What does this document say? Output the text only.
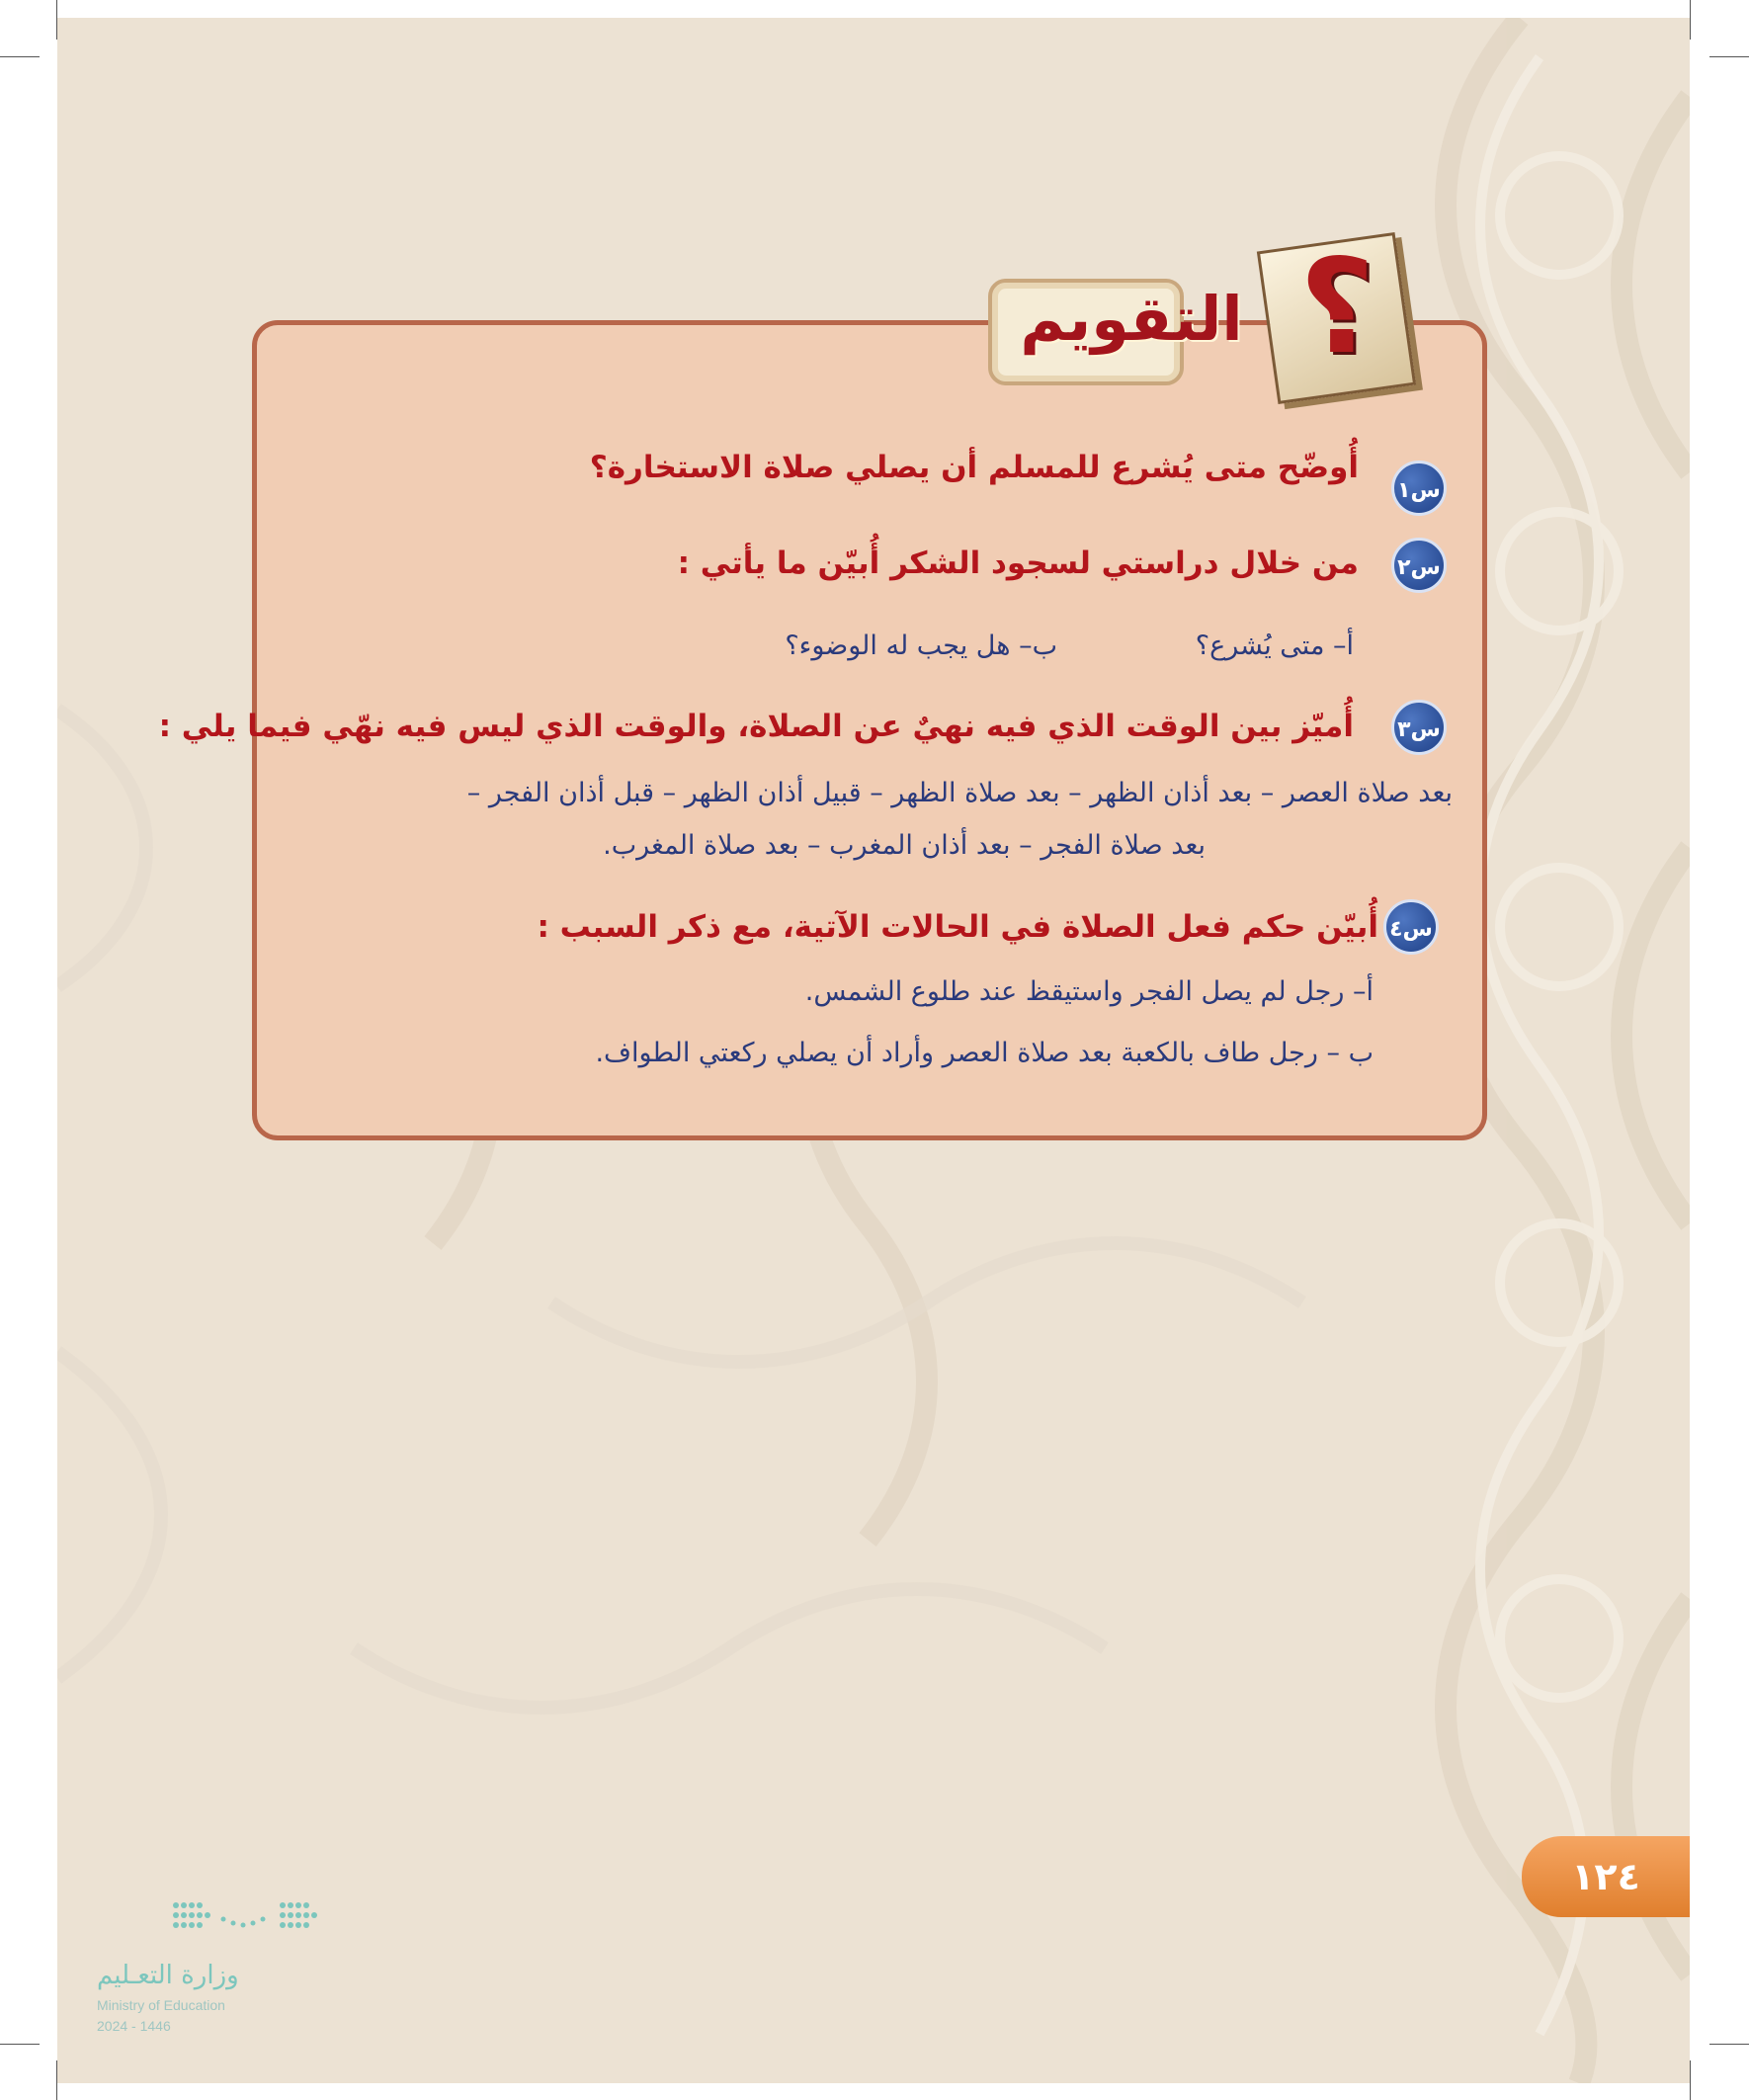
التقويم ؟
س١
أُوضّح متى يُشرع للمسلم أن يصلي صلاة الاستخارة؟
س٢
من خلال دراستي لسجود الشكر أُبيّن ما يأتي :
أ– متى يُشرع؟
ب– هل يجب له الوضوء؟
س٣
أُميّز بين الوقت الذي فيه نهيٌ عن الصلاة، والوقت الذي ليس فيه نهّي فيما يلي :
بعد صلاة العصر – بعد أذان الظهر – بعد صلاة الظهر – قبيل أذان الظهر – قبل أذان الفجر –
بعد صلاة الفجر – بعد أذان المغرب – بعد صلاة المغرب.
س٤
أُبيّن حكم فعل الصلاة في الحالات الآتية، مع ذكر السبب :
أ– رجل لم يصل الفجر واستيقظ عند طلوع الشمس.
ب – رجل طاف بالكعبة بعد صلاة العصر وأراد أن يصلي ركعتي الطواف.
١٢٤
وزارة التعـليم
Ministry of Education
2024 - 1446
